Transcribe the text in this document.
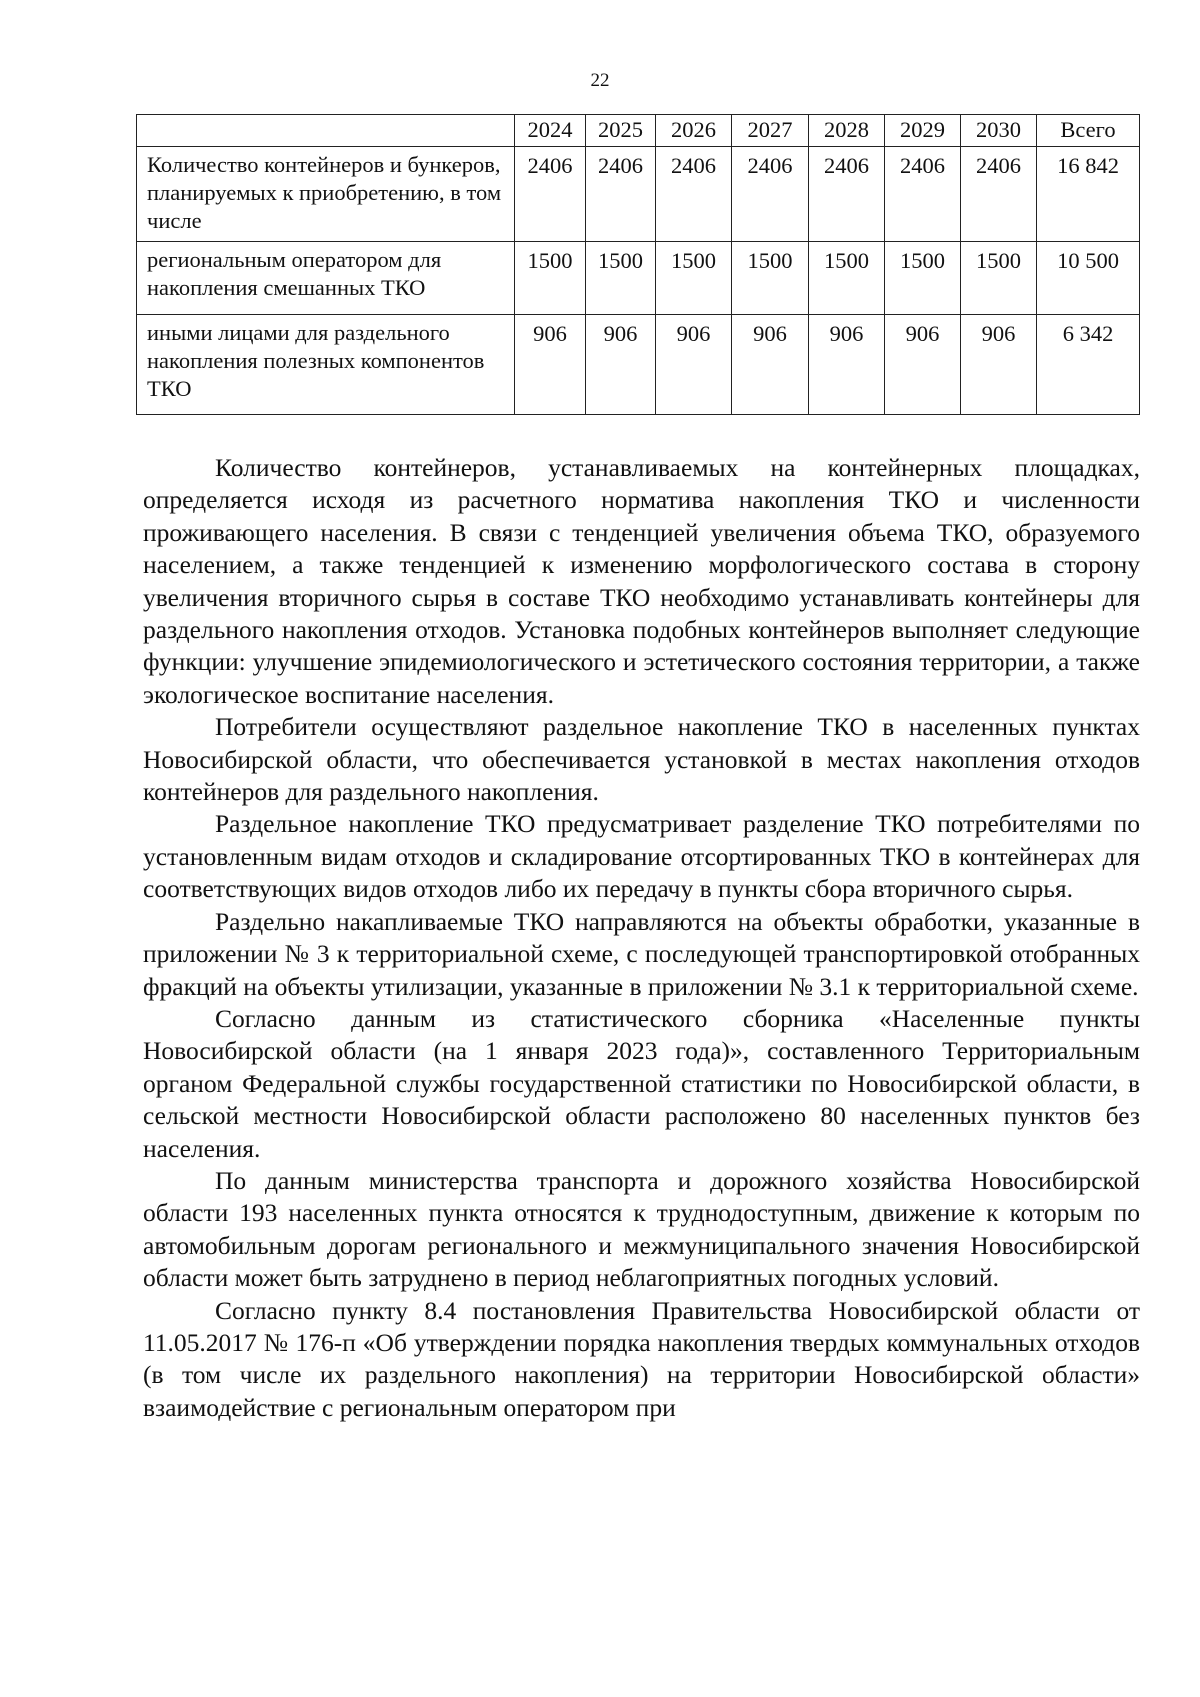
22
	2024	2025	2026	2027	2028	2029	2030	Всего
Количество контейнеров и бункеров, планируемых к приобретению, в том числе	2406	2406	2406	2406	2406	2406	2406	16 842
региональным оператором для накопления смешанных ТКО	1500	1500	1500	1500	1500	1500	1500	10 500
иными лицами для раздельного накопления полезных компонентов ТКО	906	906	906	906	906	906	906	6 342

Количество контейнеров, устанавливаемых на контейнерных площадках, определяется исходя из расчетного норматива накопления ТКО и численности проживающего населения. В связи с тенденцией увеличения объема ТКО, образуемого населением, а также тенденцией к изменению морфологического состава в сторону увеличения вторичного сырья в составе ТКО необходимо устанавливать контейнеры для раздельного накопления отходов. Установка подобных контейнеров выполняет следующие функции: улучшение эпидемиологического и эстетического состояния территории, а также экологическое воспитание населения.

Потребители осуществляют раздельное накопление ТКО в населенных пунктах Новосибирской области, что обеспечивается установкой в местах накопления отходов контейнеров для раздельного накопления.

Раздельное накопление ТКО предусматривает разделение ТКО потребителями по установленным видам отходов и складирование отсортированных ТКО в контейнерах для соответствующих видов отходов либо их передачу в пункты сбора вторичного сырья.

Раздельно накапливаемые ТКО направляются на объекты обработки, указанные в приложении № 3 к территориальной схеме, с последующей транспортировкой отобранных фракций на объекты утилизации, указанные в приложении № 3.1 к территориальной схеме.

Согласно данным из статистического сборника «Населенные пункты Новосибирской области (на 1 января 2023 года)», составленного Территориальным органом Федеральной службы государственной статистики по Новосибирской области, в сельской местности Новосибирской области расположено 80 населенных пунктов без населения.

По данным министерства транспорта и дорожного хозяйства Новосибирской области 193 населенных пункта относятся к труднодоступным, движение к которым по автомобильным дорогам регионального и межмуниципального значения Новосибирской области может быть затруднено в период неблагоприятных погодных условий.

Согласно пункту 8.4 постановления Правительства Новосибирской области от 11.05.2017 № 176-п «Об утверждении порядка накопления твердых коммунальных отходов (в том числе их раздельного накопления) на территории Новосибирской области» взаимодействие с региональным оператором при
